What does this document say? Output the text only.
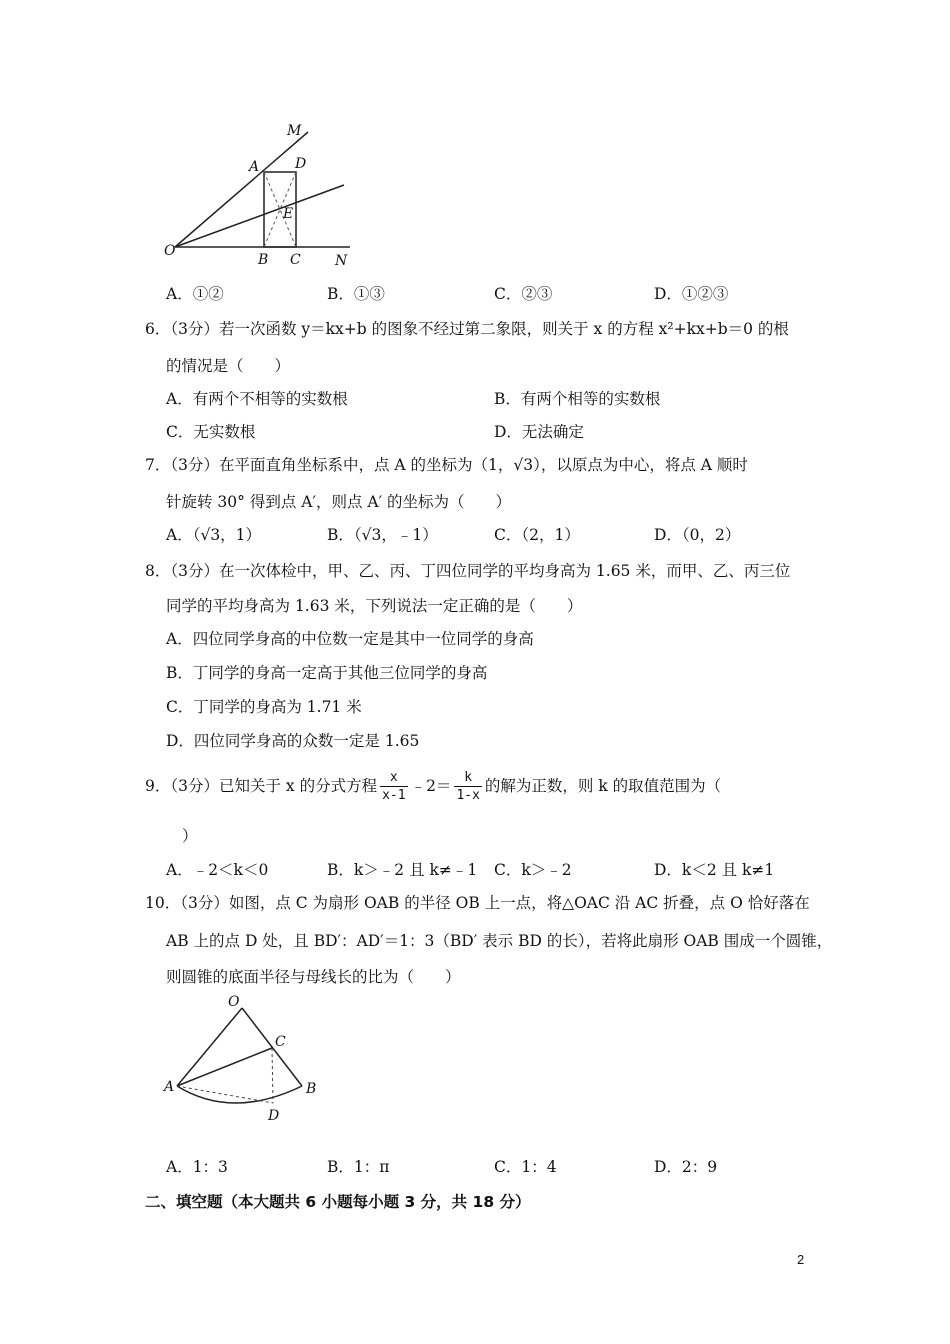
M
A	D
E
O
B C N
A．①②	B．①③	C．②③	D．①②③
6．（3分）若一次函数 y＝kx+b 的图象不经过第二象限，则关于 x 的方程 x²+kx+b＝0 的根
的情况是（　　）
A．有两个不相等的实数根	B．有两个相等的实数根
C．无实数根	D．无法确定
7．（3分）在平面直角坐标系中，点 A 的坐标为（1，√3），以原点为中心，将点 A 顺时
针旋转 30° 得到点 A′，则点 A′ 的坐标为（　　）
A．（√3，1）	B．（√3，﹣1）	C．（2，1）	D．（0，2）
8．（3分）在一次体检中，甲、乙、丙、丁四位同学的平均身高为 1.65 米，而甲、乙、丙三位
同学的平均身高为 1.63 米，下列说法一定正确的是（　　）
A．四位同学身高的中位数一定是其中一位同学的身高
B．丁同学的身高一定高于其他三位同学的身高
C．丁同学的身高为 1.71 米
D．四位同学身高的众数一定是 1.65
9．（3分）已知关于 x 的分式方程 $\frac{x}{x-1}$ ﹣2＝ $\frac{k}{1-x}$ 的解为正数，则 k 的取值范围为（
）
A．﹣2＜k＜0	B．k＞﹣2 且 k≠﹣1 C．k＞﹣2	D．k＜2 且 k≠1
10．（3分）如图，点 C 为扇形 OAB 的半径 OB 上一点，将△OAC 沿 AC 折叠，点 O 恰好落在
AB 上的点 D 处，且 BD′：AD′＝1：3（BD′ 表示 BD 的长），若将此扇形 OAB 围成一个圆锥，
则圆锥的底面半径与母线长的比为（　　）
O
C
A	B
D
A．1：3	B．1：π	C．1：4	D．2：9
二、填空题（本大题共 6 小题每小题 3 分，共 18 分）
2
